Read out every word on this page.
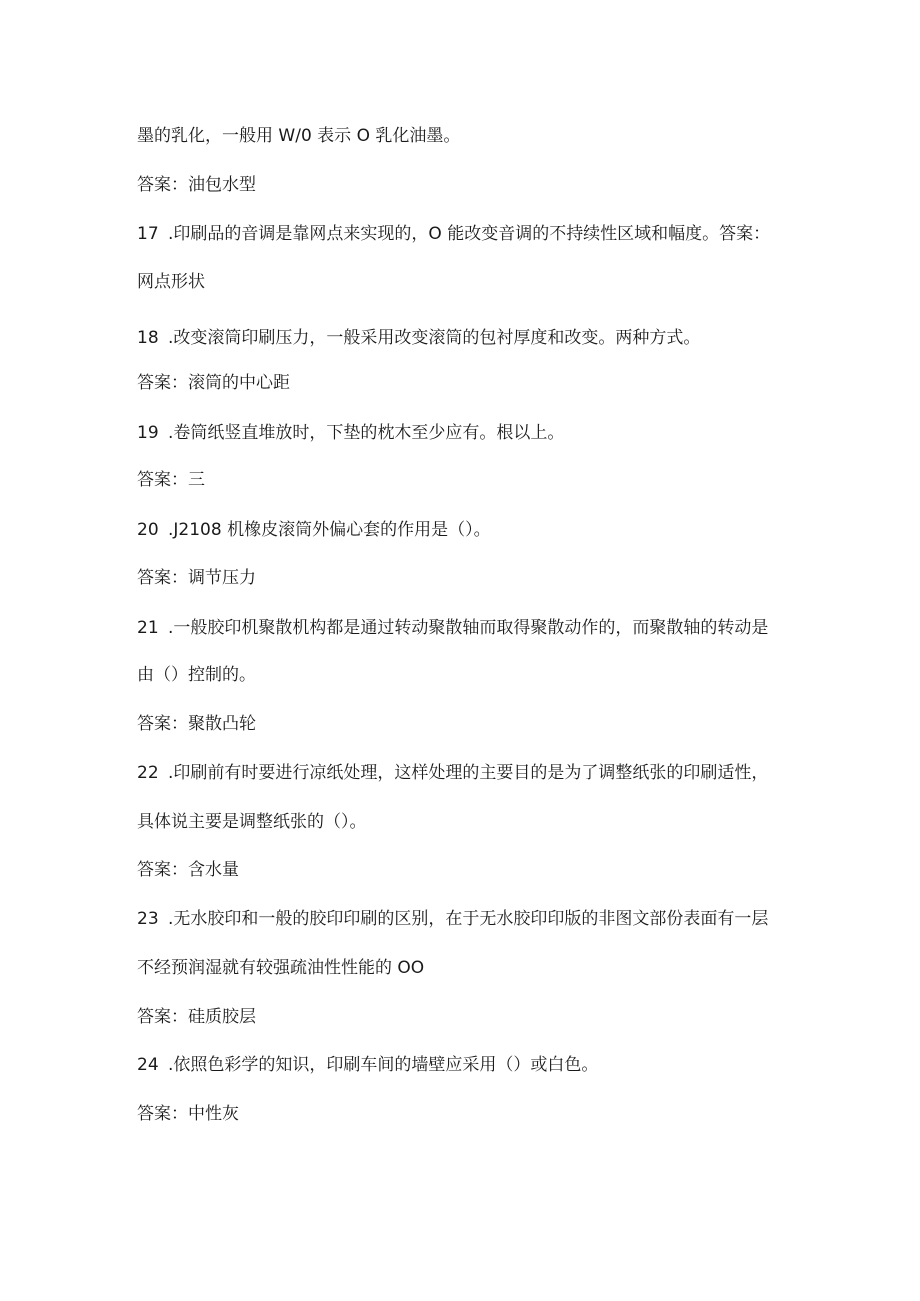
墨的乳化，一般用 W/0 表示 O 乳化油墨。
答案：油包水型
17 .印刷品的音调是靠网点来实现的，O 能改变音调的不持续性区域和幅度。答案：
网点形状
18 .改变滚筒印刷压力，一般采用改变滚筒的包衬厚度和改变。两种方式。
答案：滚筒的中心距
19 .卷筒纸竖直堆放时，下垫的枕木至少应有。根以上。
答案：三
20 .J2108 机橡皮滚筒外偏心套的作用是（）。
答案：调节压力
21 .一般胶印机聚散机构都是通过转动聚散轴而取得聚散动作的，而聚散轴的转动是
由（）控制的。
答案：聚散凸轮
22 .印刷前有时要进行凉纸处理，这样处理的主要目的是为了调整纸张的印刷适性，
具体说主要是调整纸张的（）。
答案：含水量
23 .无水胶印和一般的胶印印刷的区别，在于无水胶印印版的非图文部份表面有一层
不经预润湿就有较强疏油性性能的 OO
答案：硅质胶层
24 .依照色彩学的知识，印刷车间的墙壁应采用（）或白色。
答案：中性灰
